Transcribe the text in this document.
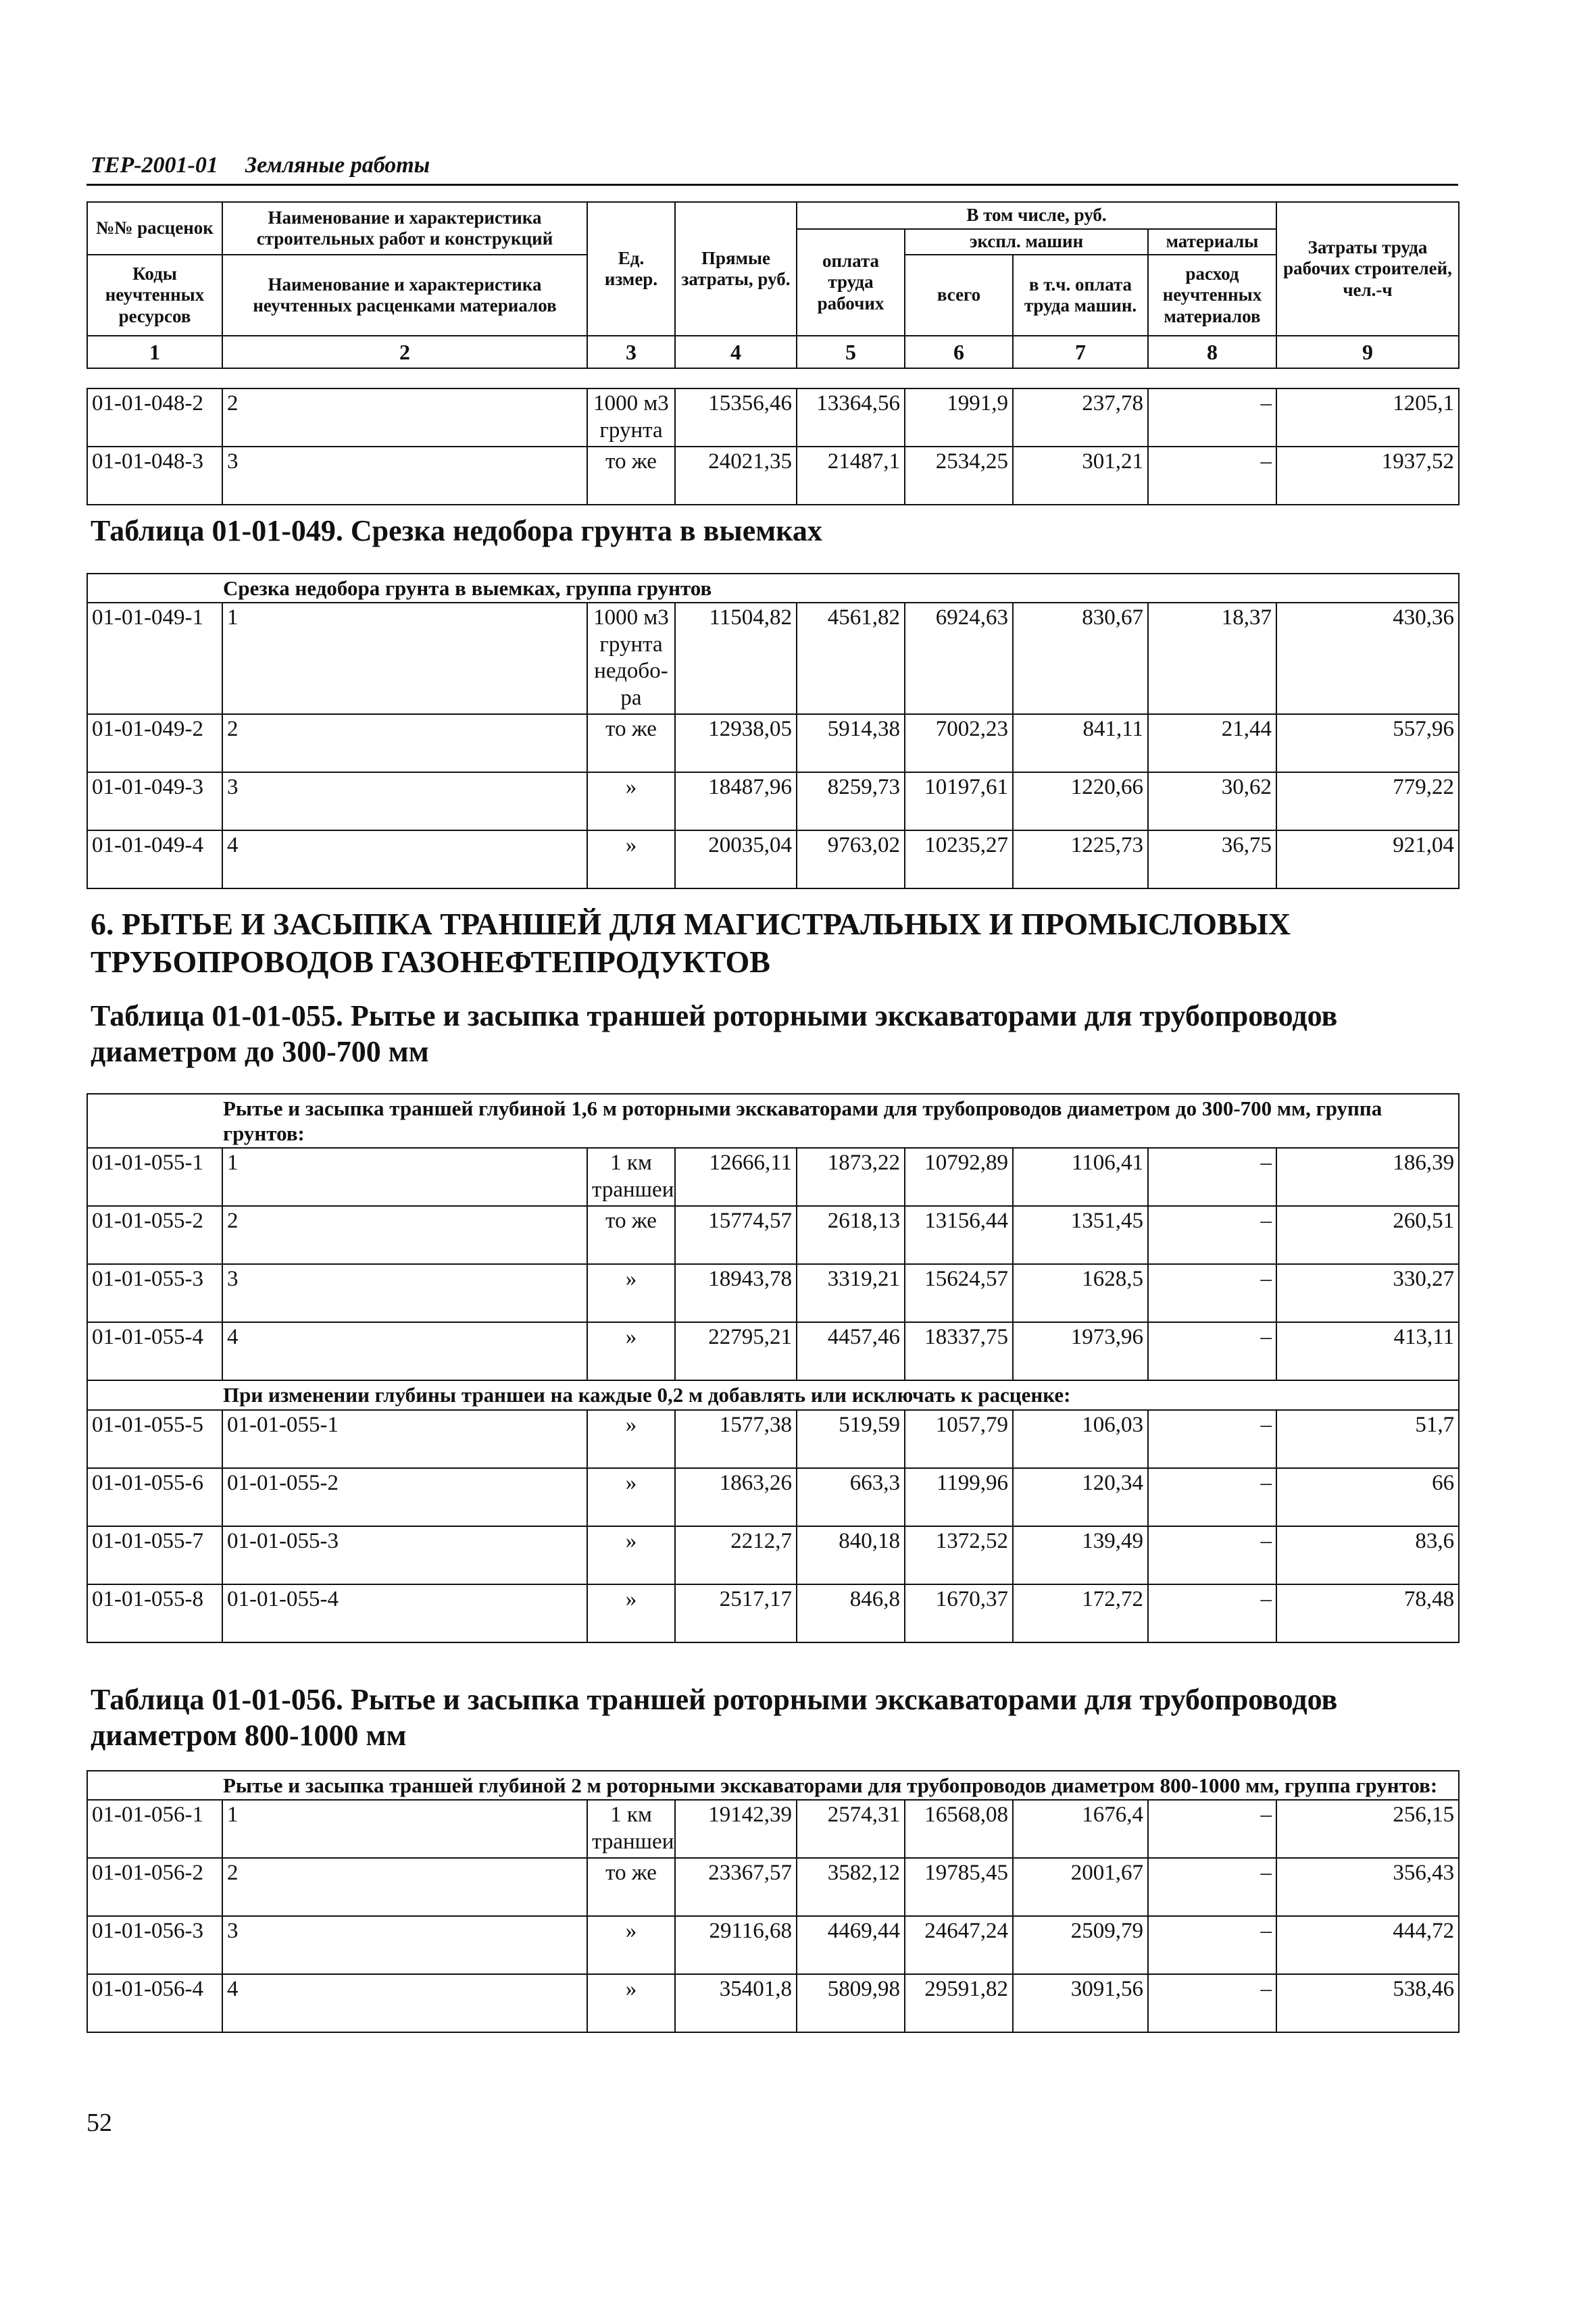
ТЕР-2001-01 Земляные работы
№№ расценок	Наименование и характеристика строительных работ и конструкций	Ед. измер.	Прямые затраты, руб.	В том числе, руб.				Затраты труда рабочих строителей, чел.-ч
				оплата труда рабочих	экспл. машин		материалы	
Коды неучтенных ресурсов	Наименование и характеристика неучтенных расценками материалов				всего	в т.ч. оплата труда машин.	расход неучтенных материалов	

1	2	3	4	5	6	7	8	9
01-01-048-2	2	1000 м3 грунта	15356,46	13364,56	1991,9	237,78	–	1205,1
01-01-048-3	3	то же	24021,35	21487,1	2534,25	301,21	–	1937,52
Таблица 01-01-049. Срезка недобора грунта в выемках
Срезка недобора грунта в выемках, группа грунтов								
01-01-049-1	1	1000 м3 грунта недобо-ра	11504,82	4561,82	6924,63	830,67	18,37	430,36
01-01-049-2	2	то же	12938,05	5914,38	7002,23	841,11	21,44	557,96
01-01-049-3	3	»	18487,96	8259,73	10197,61	1220,66	30,62	779,22
01-01-049-4	4	»	20035,04	9763,02	10235,27	1225,73	36,75	921,04
6. РЫТЬЕ И ЗАСЫПКА ТРАНШЕЙ ДЛЯ МАГИСТРАЛЬНЫХ И ПРОМЫСЛОВЫХ ТРУБОПРОВОДОВ ГАЗОНЕФТЕПРОДУКТОВ
Таблица 01-01-055. Рытье и засыпка траншей роторными экскаваторами для трубопроводов диаметром до 300-700 мм
Рытье и засыпка траншей глубиной 1,6 м роторными экскаваторами для трубопроводов диаметром до 300-700 мм, группа грунтов:								
01-01-055-1	1	1 км траншеи	12666,11	1873,22	10792,89	1106,41	–	186,39
01-01-055-2	2	то же	15774,57	2618,13	13156,44	1351,45	–	260,51
01-01-055-3	3	»	18943,78	3319,21	15624,57	1628,5	–	330,27
01-01-055-4	4	»	22795,21	4457,46	18337,75	1973,96	–	413,11
При изменении глубины траншеи на каждые 0,2 м добавлять или исключать к расценке:								
01-01-055-5	01-01-055-1	»	1577,38	519,59	1057,79	106,03	–	51,7
01-01-055-6	01-01-055-2	»	1863,26	663,3	1199,96	120,34	–	66
01-01-055-7	01-01-055-3	»	2212,7	840,18	1372,52	139,49	–	83,6
01-01-055-8	01-01-055-4	»	2517,17	846,8	1670,37	172,72	–	78,48
Таблица 01-01-056. Рытье и засыпка траншей роторными экскаваторами для трубопроводов диаметром 800-1000 мм
Рытье и засыпка траншей глубиной 2 м роторными экскаваторами для трубопроводов диаметром 800-1000 мм, группа грунтов:								
01-01-056-1	1	1 км траншеи	19142,39	2574,31	16568,08	1676,4	–	256,15
01-01-056-2	2	то же	23367,57	3582,12	19785,45	2001,67	–	356,43
01-01-056-3	3	»	29116,68	4469,44	24647,24	2509,79	–	444,72
01-01-056-4	4	»	35401,8	5809,98	29591,82	3091,56	–	538,46
52
